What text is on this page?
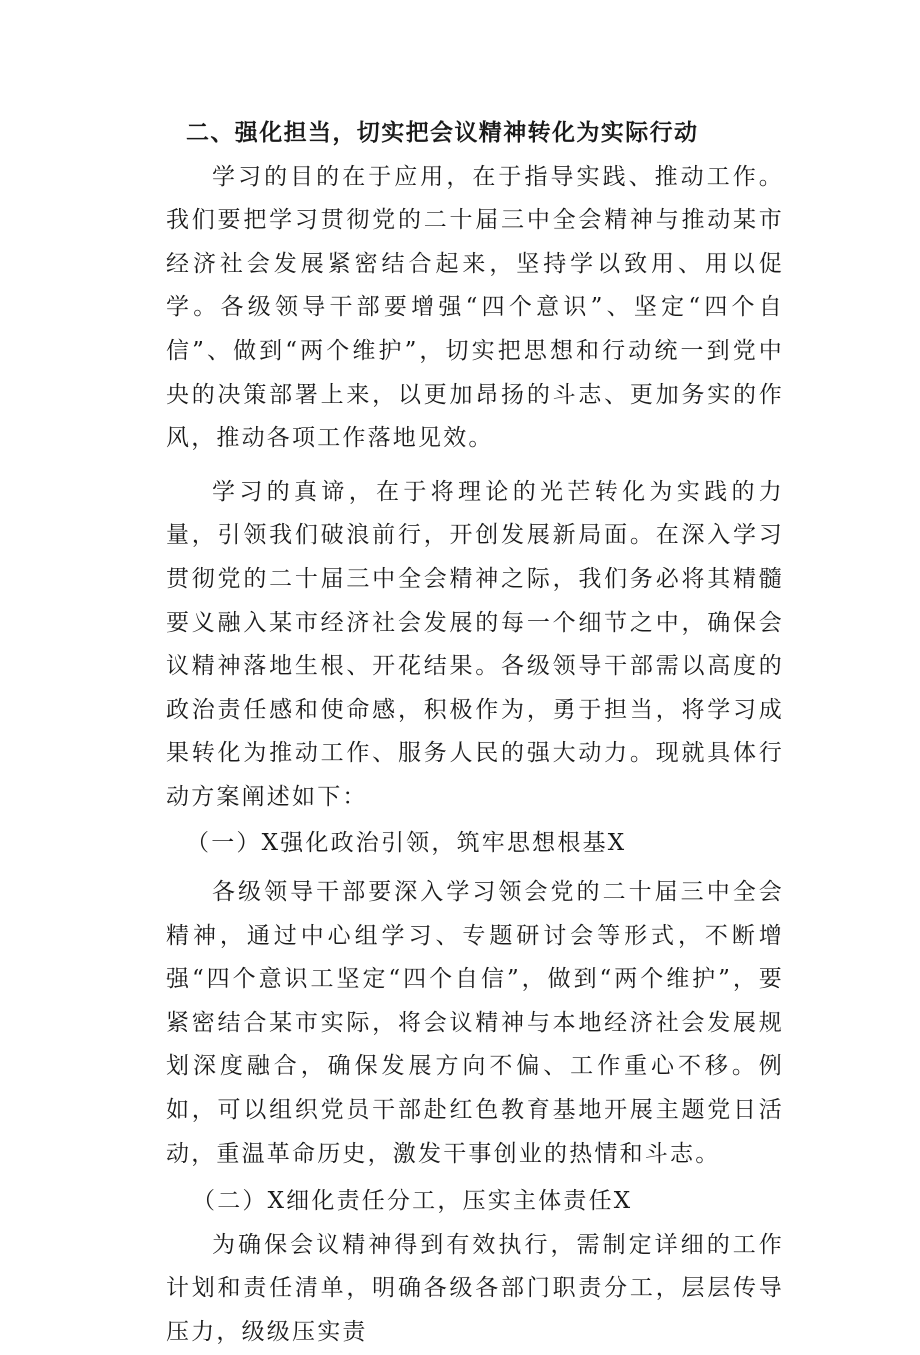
二、强化担当，切实把会议精神转化为实际行动

学习的目的在于应用，在于指导实践、推动工作。我们要把学习贯彻党的二十届三中全会精神与推动某市经济社会发展紧密结合起来，坚持学以致用、用以促学。各级领导干部要增强“四个意识”、坚定“四个自信”、做到“两个维护”，切实把思想和行动统一到党中央的决策部署上来，以更加昂扬的斗志、更加务实的作风，推动各项工作落地见效。

学习的真谛，在于将理论的光芒转化为实践的力量，引领我们破浪前行，开创发展新局面。在深入学习贯彻党的二十届三中全会精神之际，我们务必将其精髓要义融入某市经济社会发展的每一个细节之中，确保会议精神落地生根、开花结果。各级领导干部需以高度的政治责任感和使命感，积极作为，勇于担当，将学习成果转化为推动工作、服务人民的强大动力。现就具体行动方案阐述如下：

（一）X强化政治引领，筑牢思想根基X

各级领导干部要深入学习领会党的二十届三中全会精神，通过中心组学习、专题研讨会等形式，不断增强“四个意识工坚定“四个自信”，做到“两个维护”，要紧密结合某市实际，将会议精神与本地经济社会发展规划深度融合，确保发展方向不偏、工作重心不移。例如，可以组织党员干部赴红色教育基地开展主题党日活动，重温革命历史，激发干事创业的热情和斗志。

（二）X细化责任分工，压实主体责任X

为确保会议精神得到有效执行，需制定详细的工作计划和责任清单，明确各级各部门职责分工，层层传导压力，级级压实责
